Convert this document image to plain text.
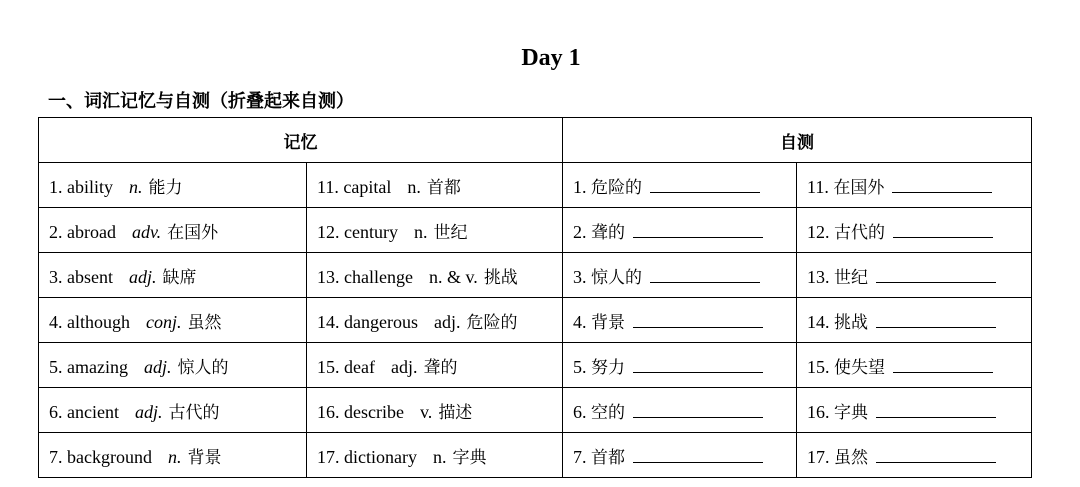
Day 1
一、词汇记忆与自测（折叠起来自测）
记忆		自测	
1. ability n. 能力	11. capital n. 首都	1. 危险的	11. 在国外
2. abroad adv. 在国外	12. century n. 世纪	2. 聋的	12. 古代的
3. absent adj. 缺席	13. challenge n. & v. 挑战	3. 惊人的	13. 世纪
4. although conj. 虽然	14. dangerous adj. 危险的	4. 背景	14. 挑战
5. amazing adj. 惊人的	15. deaf adj. 聋的	5. 努力	15. 使失望
6. ancient adj. 古代的	16. describe v. 描述	6. 空的	16. 字典
7. background n. 背景	17. dictionary n. 字典	7. 首都	17. 虽然
